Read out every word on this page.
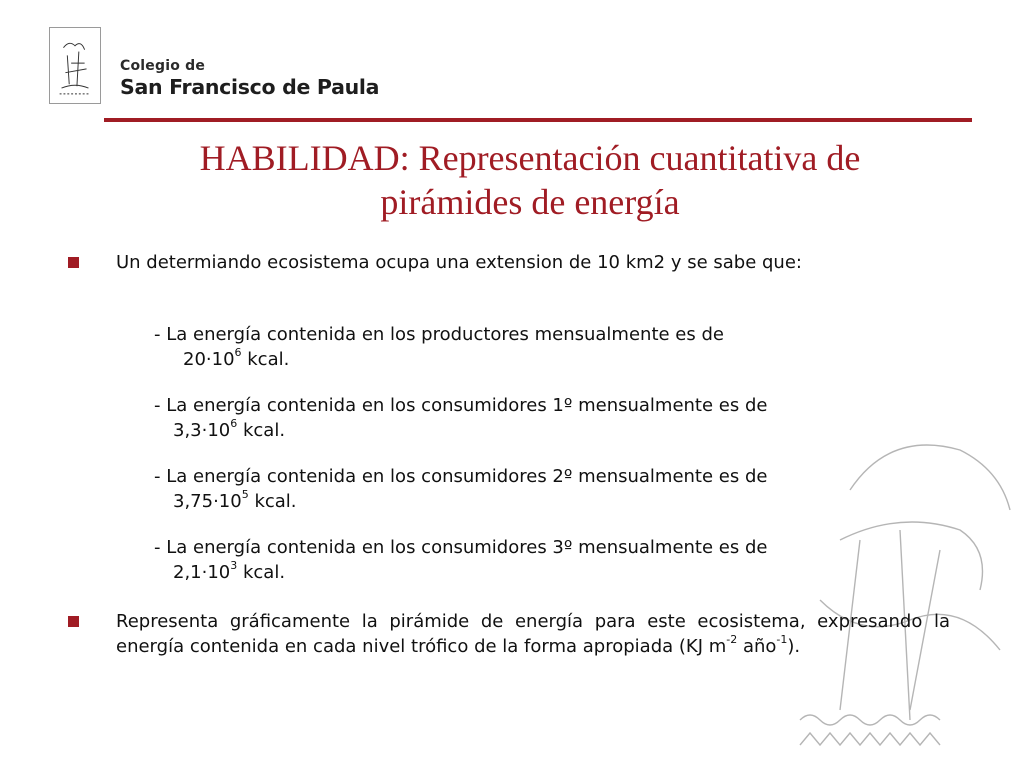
Colegio de
San Francisco de Paula
HABILIDAD: Representación cuantitativa de
pirámides de energía

Un determiando ecosistema ocupa una extension de 10 km2 y se sabe que:

- La energía contenida en los productores mensualmente es de
$20\cdot 10^6$ kcal.

- La energía contenida en los consumidores 1º mensualmente es de
$3,3\cdot 10^6$ kcal.

- La energía contenida en los consumidores 2º mensualmente es de
$3,75\cdot 10^5$ kcal.

- La energía contenida en los consumidores 3º mensualmente es de
$2,1\cdot 10^3$ kcal.

Representa gráficamente la pirámide de energía para este ecosistema, expresando la energía contenida en cada nivel trófico de la forma apropiada (KJ $m^{-2}$ año$^{-1}$).
